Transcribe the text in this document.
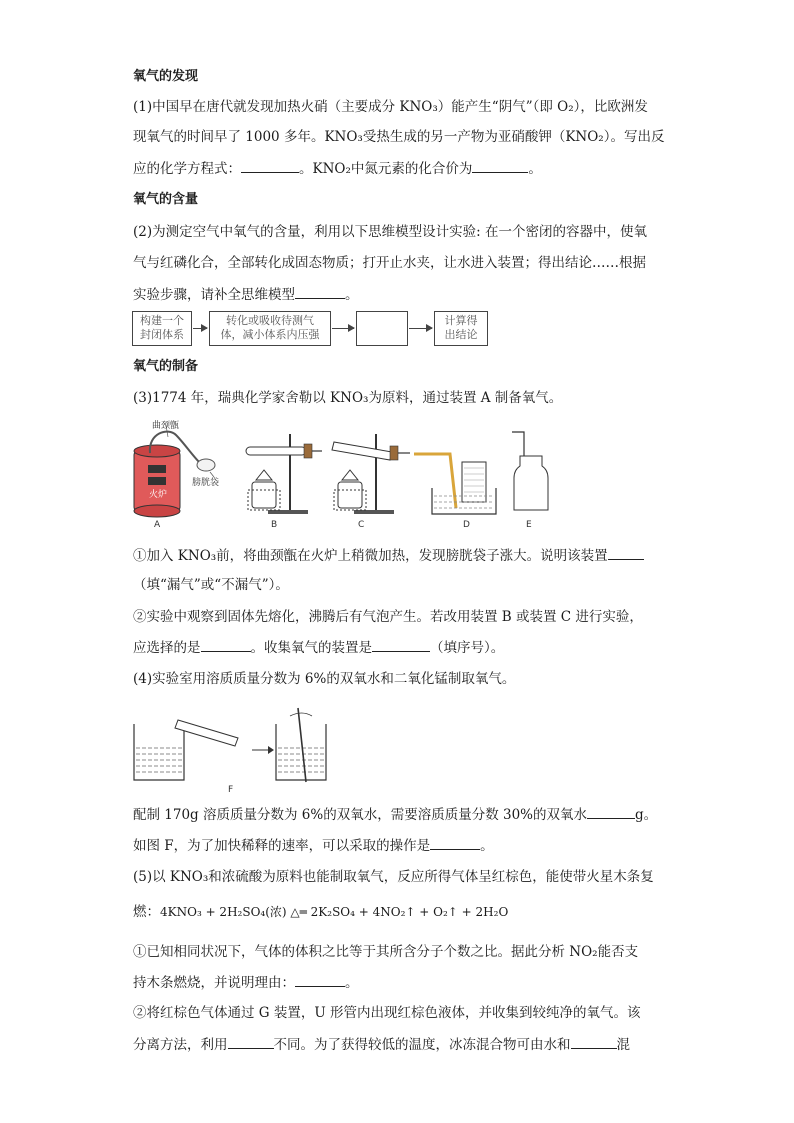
氧气的发现
(1)中国早在唐代就发现加热火硝（主要成分 KNO₃）能产生“阴气”（即 O₂），比欧洲发
现氧气的时间早了 1000 多年。KNO₃受热生成的另一产物为亚硝酸钾（KNO₂）。写出反
应的化学方程式：	。KNO₂中氮元素的化合价为	。
氧气的含量
(2)为测定空气中氧气的含量，利用以下思维模型设计实验: 在一个密闭的容器中，使氧
气与红磷化合，全部转化成固态物质；打开止水夹，让水进入装置；得出结论……根据
实验步骤，请补全思维模型	。
构建一个
封闭体系
转化或吸收待测气
体，减小体系内压强
计算得
出结论
氧气的制备
(3)1774 年，瑞典化学家舍勒以 KNO₃为原料，通过装置 A 制备氧气。
曲颈甑
膀胱袋
火炉
A	B	C	D	E
①加入 KNO₃前，将曲颈甑在火炉上稍微加热，发现膀胱袋子涨大。说明该装置
（填“漏气”或“不漏气”）。
②实验中观察到固体先熔化，沸腾后有气泡产生。若改用装置 B 或装置 C 进行实验，
应选择的是	。收集氧气的装置是	（填序号）。
(4)实验室用溶质质量分数为 6%的双氧水和二氧化锰制取氧气。
F
配制 170g 溶质质量分数为 6%的双氧水，需要溶质质量分数 30%的双氧水	g。
如图 F，为了加快稀释的速率，可以采取的操作是	。
(5)以 KNO₃和浓硫酸为原料也能制取氧气，反应所得气体呈红棕色，能使带火星木条复
燃：4KNO₃ + 2H₂SO₄(浓) △═ 2K₂SO₄ + 4NO₂↑ + O₂↑ + 2H₂O
①已知相同状况下，气体的体积之比等于其所含分子个数之比。据此分析 NO₂能否支
持木条燃烧，并说明理由：	。
②将红棕色气体通过 G 装置，U 形管内出现红棕色液体，并收集到较纯净的氧气。该
分离方法，利用	不同。为了获得较低的温度，冰冻混合物可由水和	混
